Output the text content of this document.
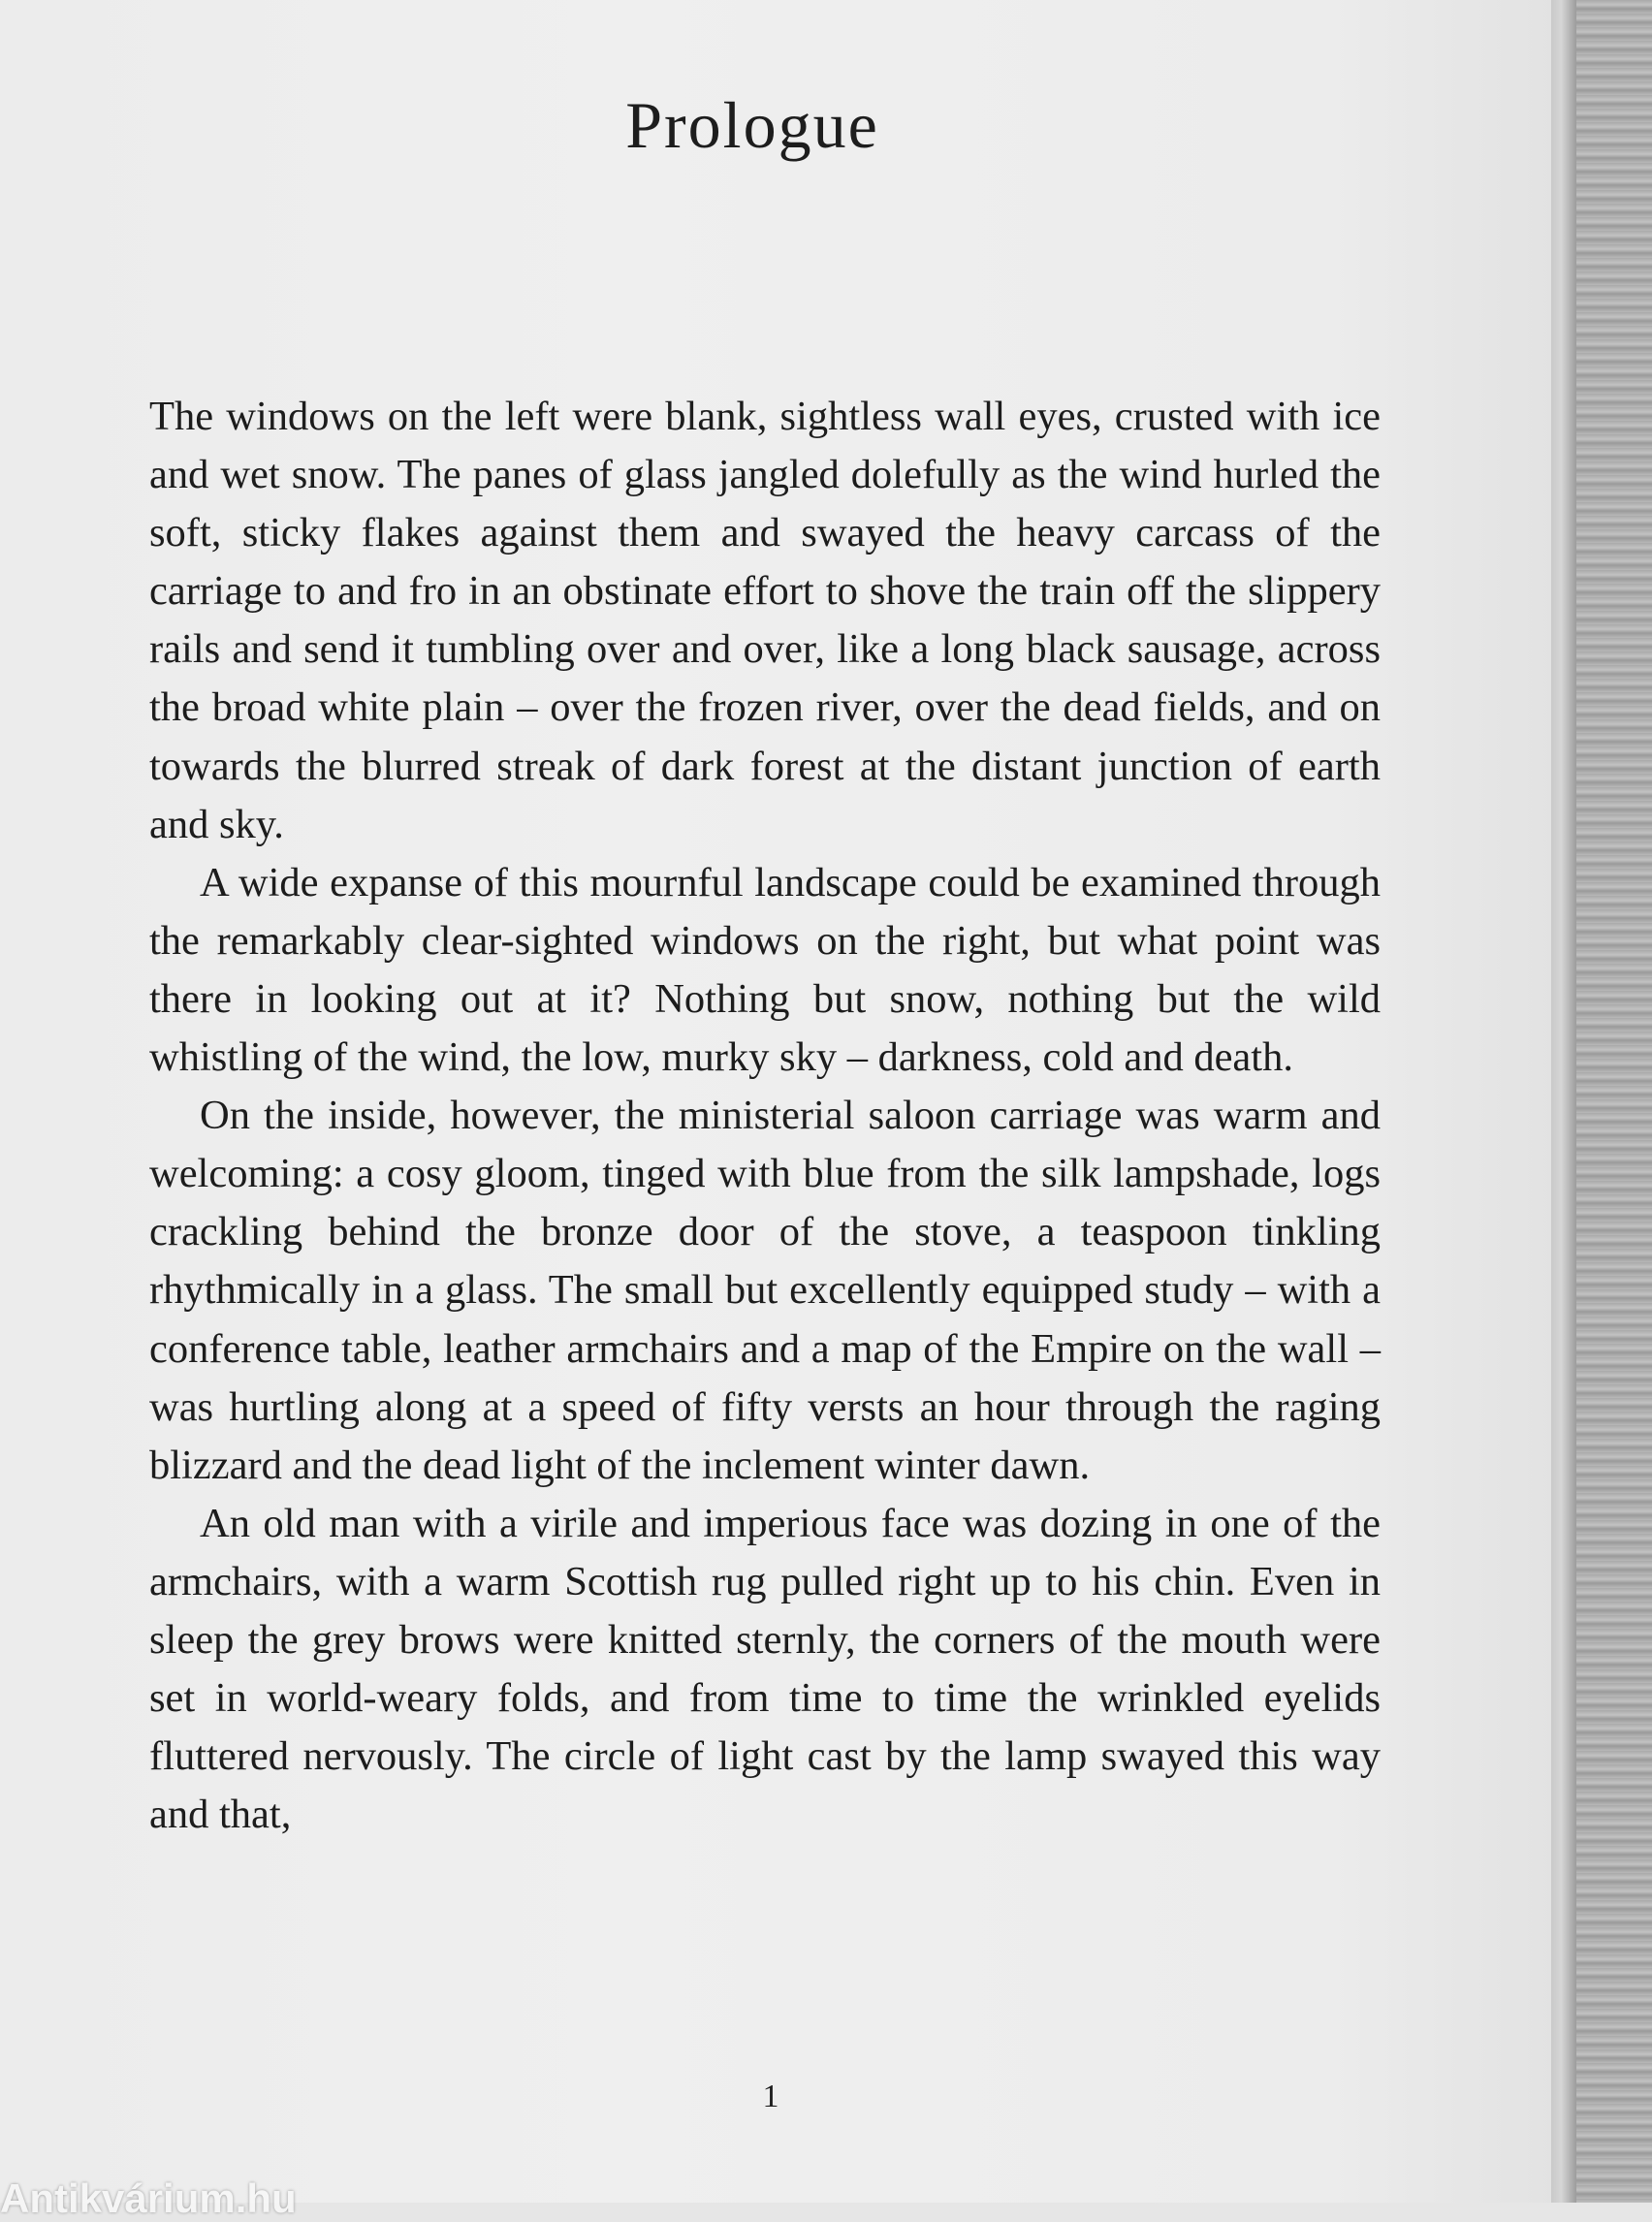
Prologue

The windows on the left were blank, sightless wall eyes, crusted with ice and wet snow. The panes of glass jangled dolefully as the wind hurled the soft, sticky flakes against them and swayed the heavy carcass of the carriage to and fro in an obstinate effort to shove the train off the slippery rails and send it tumbling over and over, like a long black sausage, across the broad white plain – over the frozen river, over the dead fields, and on towards the blurred streak of dark forest at the distant junction of earth and sky.

A wide expanse of this mournful landscape could be examined through the remarkably clear-sighted windows on the right, but what point was there in looking out at it? Nothing but snow, nothing but the wild whistling of the wind, the low, murky sky – darkness, cold and death.

On the inside, however, the ministerial saloon carriage was warm and welcoming: a cosy gloom, tinged with blue from the silk lampshade, logs crackling behind the bronze door of the stove, a teaspoon tinkling rhythmically in a glass. The small but excellently equipped study – with a conference table, leather armchairs and a map of the Empire on the wall – was hurtling along at a speed of fifty versts an hour through the raging blizzard and the dead light of the inclement winter dawn.

An old man with a virile and imperious face was dozing in one of the armchairs, with a warm Scottish rug pulled right up to his chin. Even in sleep the grey brows were knitted sternly, the corners of the mouth were set in world-weary folds, and from time to time the wrinkled eyelids fluttered nervously. The circle of light cast by the lamp swayed this way and that,

1
Antikvárium.hu
